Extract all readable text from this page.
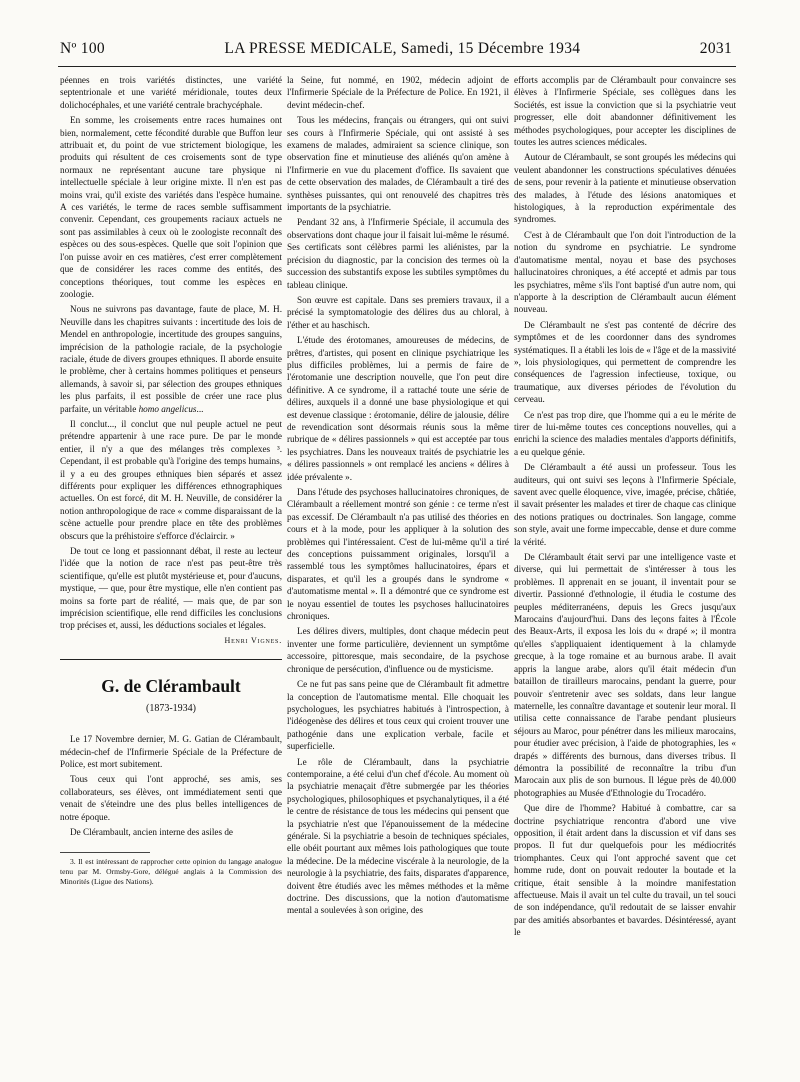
Nº 100	LA PRESSE MEDICALE, Samedi, 15 Décembre 1934	2031

péennes en trois variétés distinctes, une variété septentrionale et une variété méridionale, toutes deux dolichocéphales, et une variété centrale brachycéphale.

En somme, les croisements entre races humaines ont bien, normalement, cette fécondité durable que Buffon leur attribuait et, du point de vue strictement biologique, les produits qui résultent de ces croisements sont de type normaux ne représentant aucune tare physique ni intellectuelle spéciale à leur origine mixte. Il n'en est pas moins vrai, qu'il existe des variétés dans l'espèce humaine. A ces variétés, le terme de races semble suffisamment convenir. Cependant, ces groupements raciaux actuels ne sont pas assimilables à ceux où le zoologiste reconnaît des espèces ou des sous-espèces. Quelle que soit l'opinion que l'on puisse avoir en ces matières, c'est errer complètement que de considérer les races comme des entités, des conceptions théoriques, tout comme les espèces en zoologie.

Nous ne suivrons pas davantage, faute de place, M. H. Neuville dans les chapitres suivants : incertitude des lois de Mendel en anthropologie, incertitude des groupes sanguins, imprécision de la pathologie raciale, de la psychologie raciale, étude de divers groupes ethniques. Il aborde ensuite le problème, cher à certains hommes politiques et penseurs allemands, à savoir si, par sélection des groupes ethniques les plus parfaits, il est possible de créer une race plus parfaite, un véritable homo angelicus...

Il conclut..., il conclut que nul peuple actuel ne peut prétendre appartenir à une race pure. De par le monde entier, il n'y a que des mélanges très complexes ³. Cependant, il est probable qu'à l'origine des temps humains, il y a eu des groupes ethniques bien séparés et assez différents pour expliquer les différences ethnographiques actuelles. On est forcé, dit M. H. Neuville, de considérer la notion anthropologique de race « comme disparaissant de la scène actuelle pour prendre place en tête des problèmes obscurs que la préhistoire s'efforce d'éclaircir. »

De tout ce long et passionnant débat, il reste au lecteur l'idée que la notion de race n'est pas peut-être très scientifique, qu'elle est plutôt mystérieuse et, pour d'aucuns, mystique, — que, pour être mystique, elle n'en contient pas moins sa forte part de réalité, — mais que, de par son imprécision scientifique, elle rend difficiles les conclusions trop précises et, aussi, les déductions sociales et légales.

Henri Vignes.

G. de Clérambault
(1873-1934)

Le 17 Novembre dernier, M. G. Gatian de Clérambault, médecin-chef de l'Infirmerie Spéciale de la Préfecture de Police, est mort subitement.

Tous ceux qui l'ont approché, ses amis, ses collaborateurs, ses élèves, ont immédiatement senti que venait de s'éteindre une des plus belles intelligences de notre époque.

De Clérambault, ancien interne des asiles de

3. Il est intéressant de rapprocher cette opinion du langage analogue tenu par M. Ormsby-Gore, délégué anglais à la Commission des Minorités (Ligue des Nations).

la Seine, fut nommé, en 1902, médecin adjoint de l'Infirmerie Spéciale de la Préfecture de Police. En 1921, il devint médecin-chef.

Tous les médecins, français ou étrangers, qui ont suivi ses cours à l'Infirmerie Spéciale, qui ont assisté à ses examens de malades, admiraient sa science clinique, son observation fine et minutieuse des aliénés qu'on amène à l'Infirmerie en vue du placement d'office. Ils savaient que de cette observation des malades, de Clérambault a tiré des synthèses puissantes, qui ont renouvelé des chapitres très importants de la psychiatrie.

Pendant 32 ans, à l'Infirmerie Spéciale, il accumula des observations dont chaque jour il faisait lui-même le résumé. Ses certificats sont célèbres parmi les aliénistes, par la précision du diagnostic, par la concision des termes où la succession des substantifs expose les subtiles symptômes du tableau clinique.

Son œuvre est capitale. Dans ses premiers travaux, il a précisé la symptomatologie des délires dus au chloral, à l'éther et au haschisch.

L'étude des érotomanes, amoureuses de médecins, de prêtres, d'artistes, qui posent en clinique psychiatrique les plus difficiles problèmes, lui a permis de faire de l'érotomanie une description nouvelle, que l'on peut dire définitive. A ce syndrome, il a rattaché toute une série de délires, auxquels il a donné une base physiologique et qui est devenue classique : érotomanie, délire de jalousie, délire de revendication sont désormais réunis sous la même rubrique de « délires passionnels » qui est acceptée par tous les psychiatres. Dans les nouveaux traités de psychiatrie les « délires passionnels » ont remplacé les anciens « délires à idée prévalente ».

Dans l'étude des psychoses hallucinatoires chroniques, de Clérambault a réellement montré son génie : ce terme n'est pas excessif. De Clérambault n'a pas utilisé des théories en cours et à la mode, pour les appliquer à la solution des problèmes qui l'intéressaient. C'est de lui-même qu'il a tiré des conceptions puissamment originales, lorsqu'il a rassemblé tous les symptômes hallucinatoires, épars et disparates, et qu'il les a groupés dans le syndrome « d'automatisme mental ». Il a démontré que ce syndrome est le noyau essentiel de toutes les psychoses hallucinatoires chroniques.

Les délires divers, multiples, dont chaque médecin peut inventer une forme particulière, deviennent un symptôme accessoire, pittoresque, mais secondaire, de la psychose chronique de persécution, d'influence ou de mysticisme.

Ce ne fut pas sans peine que de Clérambault fit admettre la conception de l'automatisme mental. Elle choquait les psychologues, les psychiatres habitués à l'introspection, à l'idéogenèse des délires et tous ceux qui croient trouver une pathogénie dans une explication verbale, facile et superficielle.

Le rôle de Clérambault, dans la psychiatrie contemporaine, a été celui d'un chef d'école. Au moment où la psychiatrie menaçait d'être submergée par les théories psychologiques, philosophiques et psychanalytiques, il a été le centre de résistance de tous les médecins qui pensent que la psychiatrie n'est que l'épanouissement de la médecine générale. Si la psychiatrie a besoin de techniques spéciales, elle obéit pourtant aux mêmes lois pathologiques que toute la médecine. De la médecine viscérale à la neurologie, de la neurologie à la psychiatrie, des faits, disparates d'apparence, doivent être étudiés avec les mêmes méthodes et la même doctrine. Des discussions, que la notion d'automatisme mental a soulevées à son origine, des

efforts accomplis par de Clérambault pour convaincre ses élèves à l'Infirmerie Spéciale, ses collègues dans les Sociétés, est issue la conviction que si la psychiatrie veut progresser, elle doit abandonner définitivement les méthodes psychologiques, pour accepter les disciplines de toutes les autres sciences médicales.

Autour de Clérambault, se sont groupés les médecins qui veulent abandonner les constructions spéculatives dénuées de sens, pour revenir à la patiente et minutieuse observation des malades, à l'étude des lésions anatomiques et histologiques, à la reproduction expérimentale des syndromes.

C'est à de Clérambault que l'on doit l'introduction de la notion du syndrome en psychiatrie. Le syndrome d'automatisme mental, noyau et base des psychoses hallucinatoires chroniques, a été accepté et admis par tous les psychiatres, même s'ils l'ont baptisé d'un autre nom, qui n'apporte à la description de Clérambault aucun élément nouveau.

De Clérambault ne s'est pas contenté de décrire des symptômes et de les coordonner dans des syndromes systématiques. Il a établi les lois de « l'âge et de la massivité », lois physiologiques, qui permettent de comprendre les conséquences de l'agression infectieuse, toxique, ou traumatique, aux diverses périodes de l'évolution du cerveau.

Ce n'est pas trop dire, que l'homme qui a eu le mérite de tirer de lui-même toutes ces conceptions nouvelles, qui a enrichi la science des maladies mentales d'apports définitifs, a eu quelque génie.

De Clérambault a été aussi un professeur. Tous les auditeurs, qui ont suivi ses leçons à l'Infirmerie Spéciale, savent avec quelle éloquence, vive, imagée, précise, châtiée, il savait présenter les malades et tirer de chaque cas clinique des notions pratiques ou doctrinales. Son langage, comme son style, avait une forme impeccable, dense et dure comme la vérité.

De Clérambault était servi par une intelligence vaste et diverse, qui lui permettait de s'intéresser à tous les problèmes. Il apprenait en se jouant, il inventait pour se divertir. Passionné d'ethnologie, il étudia le costume des peuples méditerranéens, depuis les Grecs jusqu'aux Marocains d'aujourd'hui. Dans des leçons faites à l'École des Beaux-Arts, il exposa les lois du « drapé »; il montra qu'elles s'appliquaient identiquement à la chlamyde grecque, à la toge romaine et au burnous arabe. Il avait appris la langue arabe, alors qu'il était médecin d'un bataillon de tirailleurs marocains, pendant la guerre, pour pouvoir s'entretenir avec ses soldats, dans leur langue maternelle, les connaître davantage et soutenir leur moral. Il utilisa cette connaissance de l'arabe pendant plusieurs séjours au Maroc, pour pénétrer dans les milieux marocains, pour étudier avec précision, à l'aide de photographies, les « drapés » différents des burnous, dans diverses tribus. Il démontra la possibilité de reconnaître la tribu d'un Marocain aux plis de son burnous. Il légue près de 40.000 photographies au Musée d'Ethnologie du Trocadéro.

Que dire de l'homme? Habitué à combattre, car sa doctrine psychiatrique rencontra d'abord une vive opposition, il était ardent dans la discussion et vif dans ses propos. Il fut dur quelquefois pour les médiocrités triomphantes. Ceux qui l'ont approché savent que cet homme rude, dont on pouvait redouter la boutade et la critique, était sensible à la moindre manifestation affectueuse. Mais il avait un tel culte du travail, un tel souci de son indépendance, qu'il redoutait de se laisser envahir par des amitiés absorbantes et bavardes. Désintéressé, ayant le
